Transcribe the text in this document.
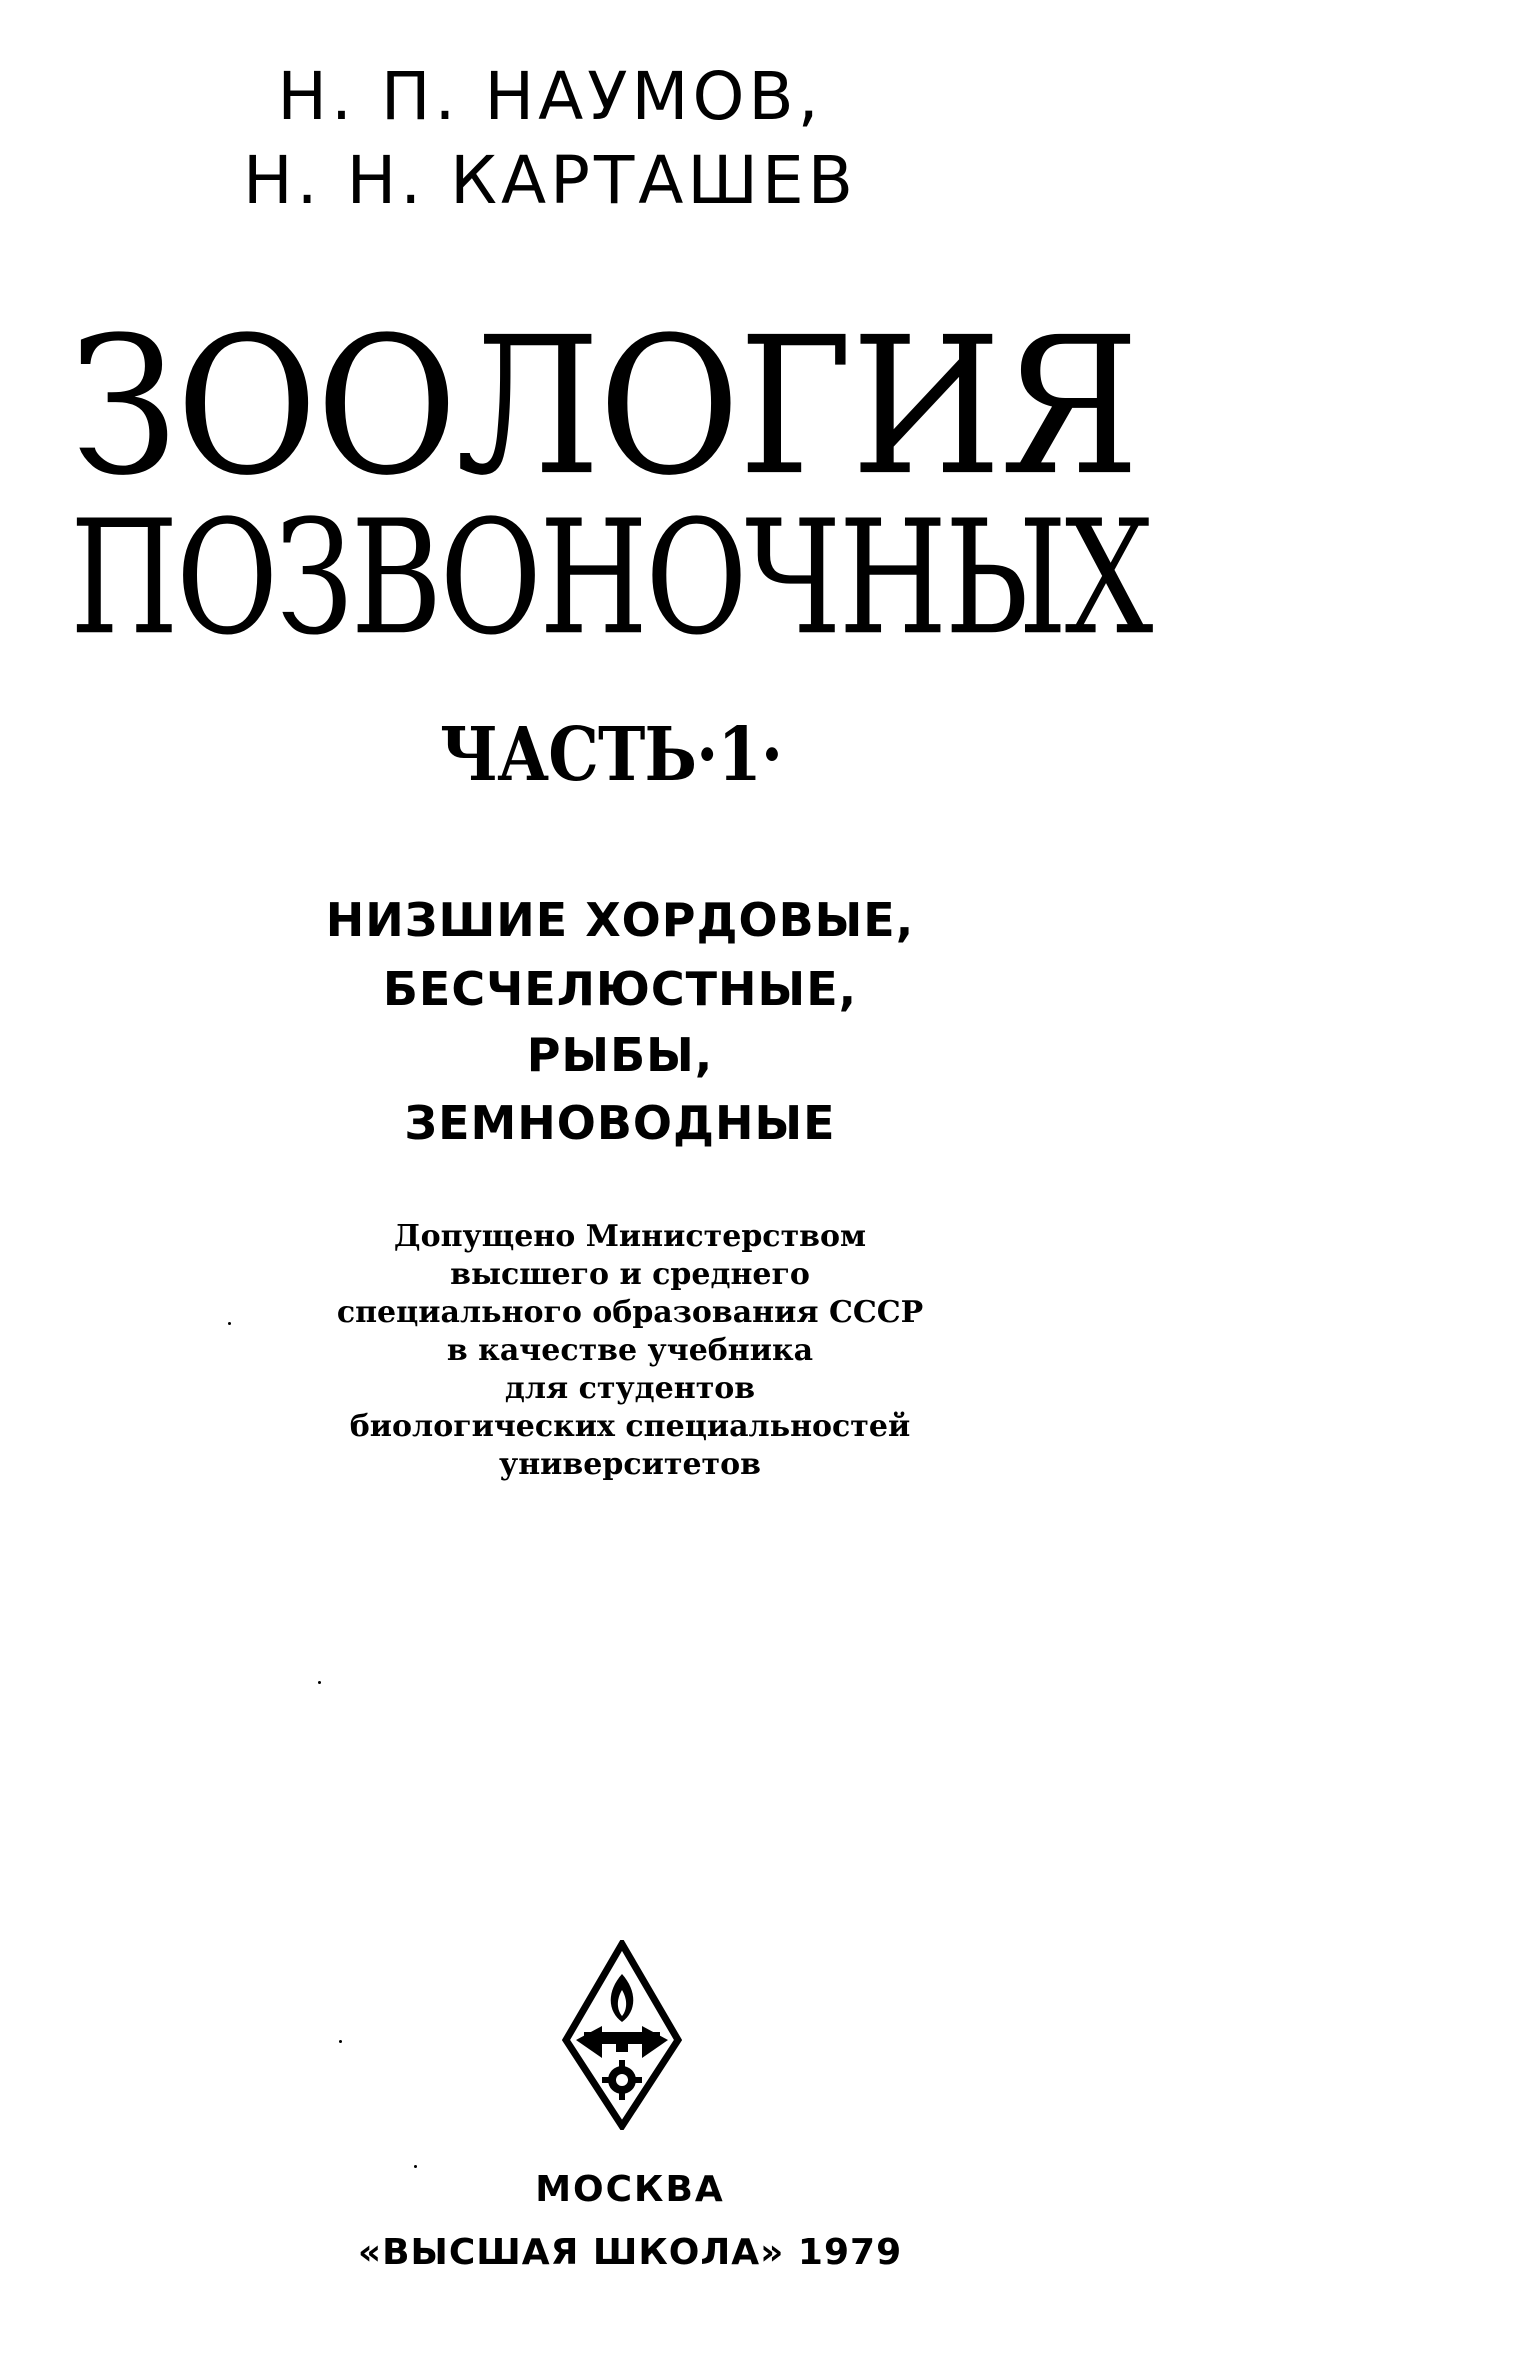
Н. П. НАУМОВ,
Н. Н. КАРТАШЕВ
ЗООЛОГИЯ
ПОЗВОНОЧНЫХ
ЧАСТЬ·1·
НИЗШИЕ ХОРДОВЫЕ,
БЕСЧЕЛЮСТНЫЕ,
РЫБЫ,
ЗЕМНОВОДНЫЕ
Допущено Министерством
высшего и среднего
специального образования СССР
в качестве учебника
для студентов
биологических специальностей
университетов
МОСКВА
«ВЫСШАЯ ШКОЛА» 1979
